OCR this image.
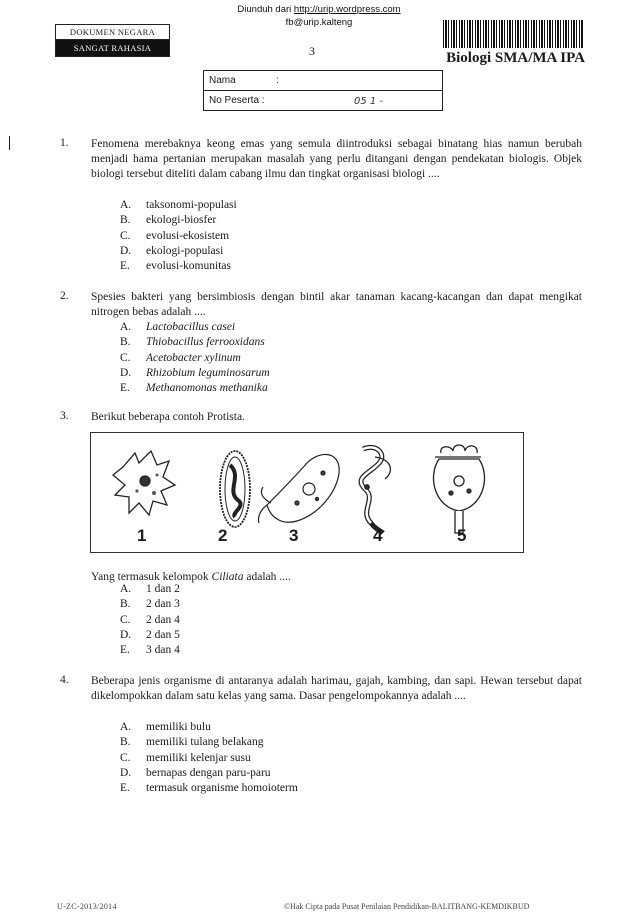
Diunduh dari http://urip.wordpress.com
fb@urip.kalteng
DOKUMEN NEGARA
SANGAT RAHASIA	3	Biologi SMA/MA IPA
Nama	:
No Peserta :	05 1 -
1. Fenomena merebaknya keong emas yang semula diintroduksi sebagai binatang hias namun berubah menjadi hama pertanian merupakan masalah yang perlu ditangani dengan pendekatan biologis. Objek biologi tersebut diteliti dalam cabang ilmu dan tingkat organisasi biologi ....
A. taksonomi-populasi
B. ekologi-biosfer
C. evolusi-ekosistem
D. ekologi-populasi
E. evolusi-komunitas
2. Spesies bakteri yang bersimbiosis dengan bintil akar tanaman kacang-kacangan dan dapat mengikat nitrogen bebas adalah ....
A. Lactobacillus casei
B. Thiobacillus ferrooxidans
C. Acetobacter xylinum
D. Rhizobium leguminosarum
E. Methanomonas methanika
3. Berikut beberapa contoh Protista.
1	2	3	4	5
Yang termasuk kelompok Ciliata adalah ....
A. 1 dan 2
B. 2 dan 3
C. 2 dan 4
D. 2 dan 5
E. 3 dan 4
4. Beberapa jenis organisme di antaranya adalah harimau, gajah, kambing, dan sapi. Hewan tersebut dapat dikelompokkan dalam satu kelas yang sama. Dasar pengelompokannya adalah ....
A. memiliki bulu
B. memiliki tulang belakang
C. memiliki kelenjar susu
D. bernapas dengan paru-paru
E. termasuk organisme homoioterm
U-ZC-2013/2014	©Hak Cipta pada Pusat Penilaian Pendidikan-BALITBANG-KEMDIKBUD
